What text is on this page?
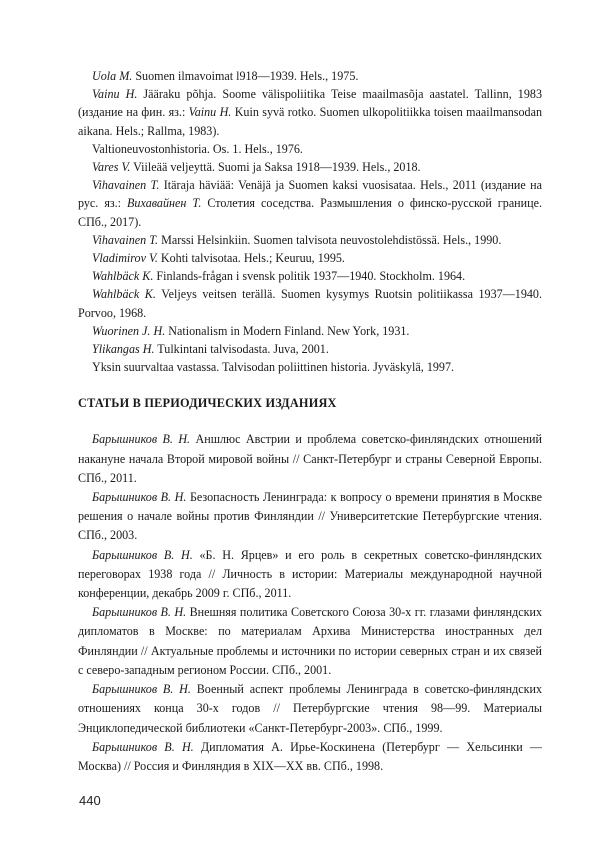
Uola M. Suomen ilmavoimat l918—1939. Hels., 1975.

Vainu H. Jääraku põhja. Soome välispoliitika Teise maailmasõja aastatel. Tallinn, 1983 (издание на фин. яз.: Vainu H. Kuin syvä rotko. Suomen ulkopolitiikka toisen maailmansodan aikana. Hels.; Rallma, 1983).

Valtioneuvostonhistoria. Os. 1. Hels., 1976.

Vares V. Viileää veljeyttä. Suomi ja Saksa 1918—1939. Hels., 2018.

Vihavainen T. Itäraja häviää: Venäjä ja Suomen kaksi vuosisataa. Hels., 2011 (издание на рус. яз.: Вихавайнен Т. Столетия соседства. Размышления о финско-русской границе. СПб., 2017).

Vihavainen T. Marssi Helsinkiin. Suomen talvisota neuvostolehdistössä. Hels., 1990.

Vladimirov V. Kohti talvisotaa. Hels.; Keuruu, 1995.

Wahlbäck K. Finlands-frågan i svensk politik 1937—1940. Stockholm. 1964.

Wahlbäck K. Veljeys veitsen terällä. Suomen kysymys Ruotsin politiikassa 1937—1940. Porvoo, 1968.

Wuorinen J. H. Nationalism in Modern Finland. New York, 1931.

Ylikangas H. Tulkintani talvisodasta. Juva, 2001.

Yksin suurvaltaa vastassa. Talvisodan poliittinen historia. Jyväskylä, 1997.

СТАТЬИ В ПЕРИОДИЧЕСКИХ ИЗДАНИЯХ

Барышников В. Н. Аншлюс Австрии и проблема советско-финляндских отношений накануне начала Второй мировой войны // Санкт-Петербург и страны Северной Европы. СПб., 2011.

Барышников В. Н. Безопасность Ленинграда: к вопросу о времени принятия в Москве решения о начале войны против Финляндии // Университетские Петербургские чтения. СПб., 2003.

Барышников В. Н. «Б. Н. Ярцев» и его роль в секретных советско-финляндских переговорах 1938 года // Личность в истории: Материалы международной научной конференции, декабрь 2009 г. СПб., 2011.

Барышников В. Н. Внешняя политика Советского Союза 30-х гг. глазами финляндских дипломатов в Москве: по материалам Архива Министерства иностранных дел Финляндии // Актуальные проблемы и источники по истории северных стран и их связей с северо-западным регионом России. СПб., 2001.

Барышников В. Н. Военный аспект проблемы Ленинграда в советско-финляндских отношениях конца 30-х годов // Петербургские чтения 98—99. Материалы Энциклопедической библиотеки «Санкт-Петербург-2003». СПб., 1999.

Барышников В. Н. Дипломатия А. Ирье-Коскинена (Петербург — Хельсинки — Москва) // Россия и Финляндия в XIX—XX вв. СПб., 1998.

440
